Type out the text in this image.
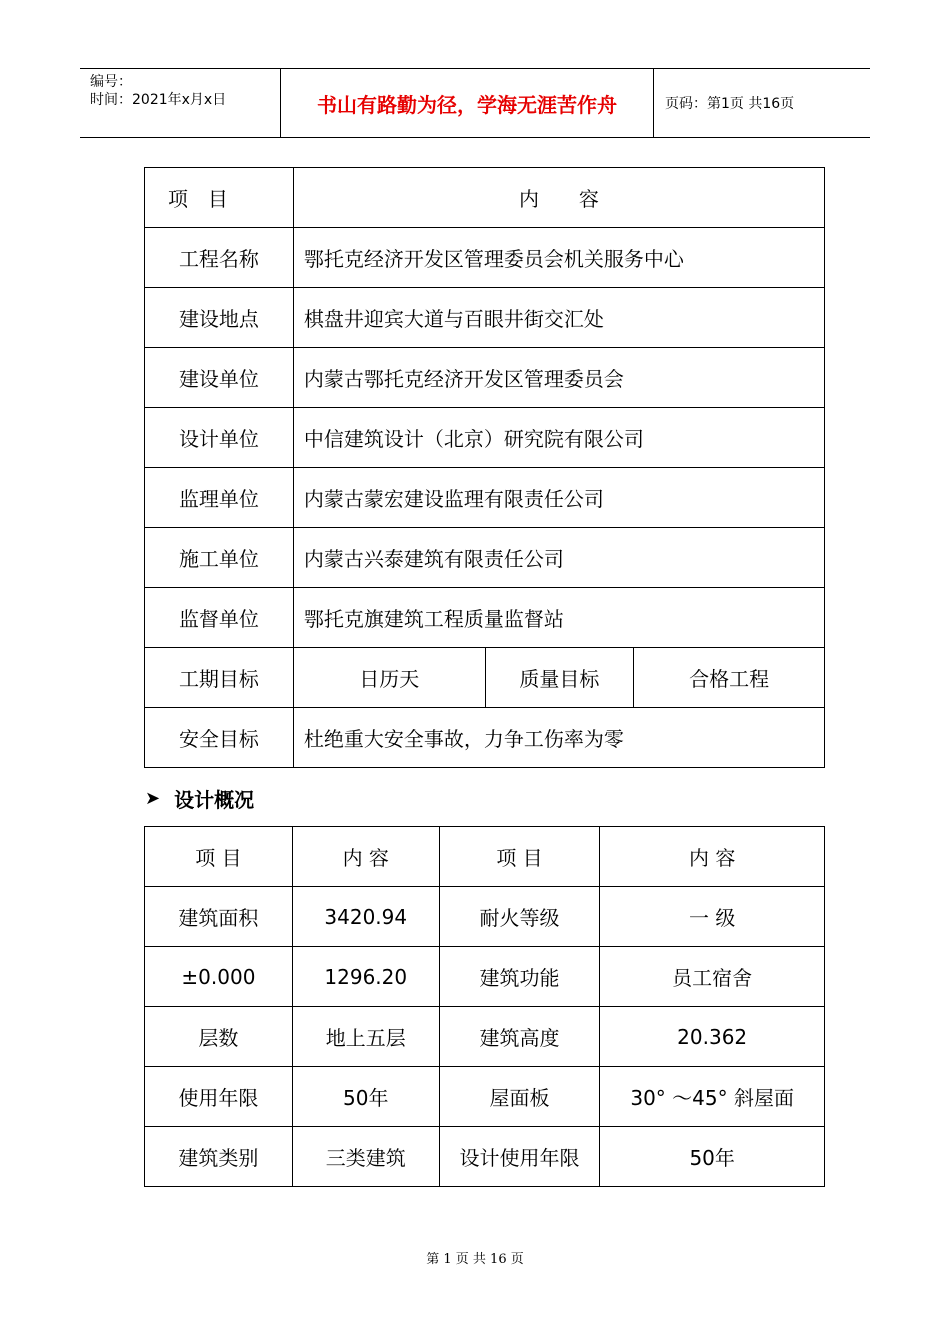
编号：
时间：2021年x月x日	书山有路勤为径，学海无涯苦作舟	页码：第1页 共16页
项　目	内　　容		
工程名称	鄂托克经济开发区管理委员会机关服务中心		
建设地点	棋盘井迎宾大道与百眼井街交汇处		
建设单位	内蒙古鄂托克经济开发区管理委员会		
设计单位	中信建筑设计（北京）研究院有限公司		
监理单位	内蒙古蒙宏建设监理有限责任公司		
施工单位	内蒙古兴泰建筑有限责任公司		
监督单位	鄂托克旗建筑工程质量监督站		
工期目标	日历天	质量目标	合格工程
安全目标	杜绝重大安全事故，力争工伤率为零		
➤ 设计概况
项 目	内 容	项 目	内 容
建筑面积	3420.94	耐火等级	一 级
±0.000	1296.20	建筑功能	员工宿舍
层数	地上五层	建筑高度	20.362
使用年限	50年	屋面板	30° ～45° 斜屋面
建筑类别	三类建筑	设计使用年限	50年
第 1 页 共 16 页
